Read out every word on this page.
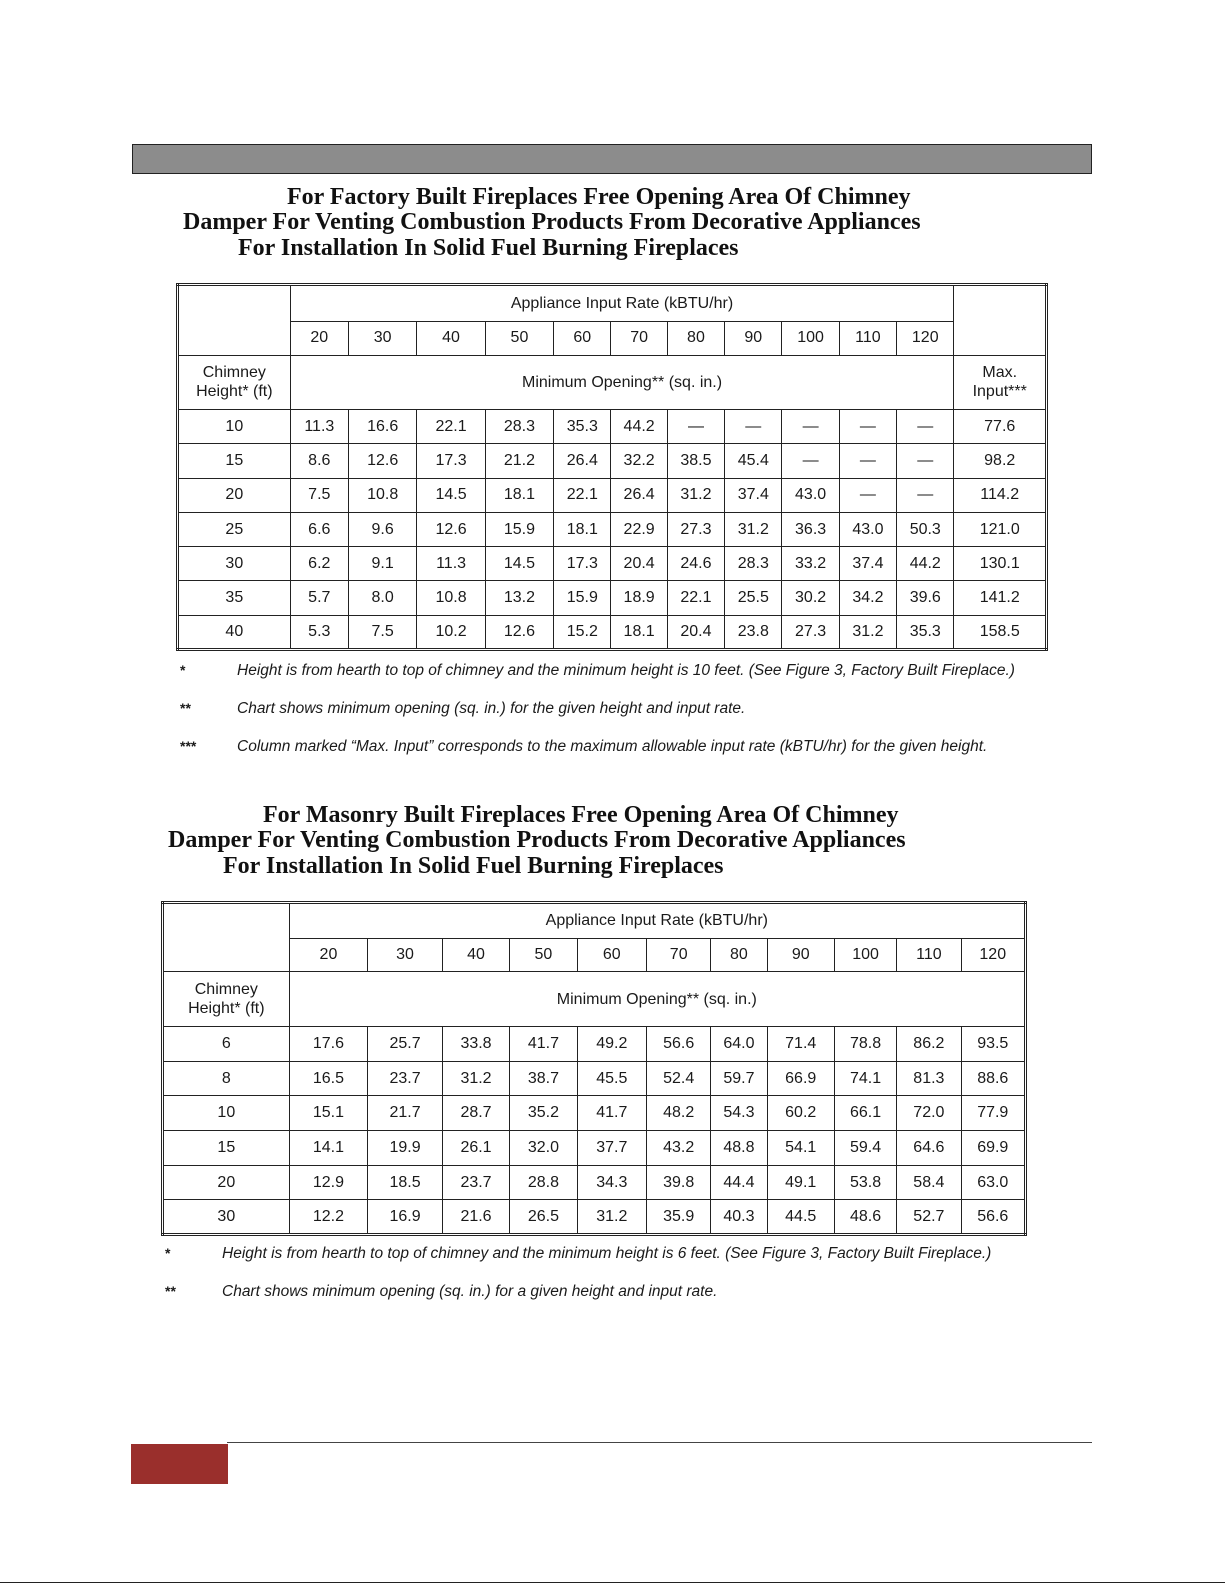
For Factory Built Fireplaces Free Opening Area Of Chimney
Damper For Venting Combustion Products From Decorative Appliances
For Installation In Solid Fuel Burning Fireplaces
	Appliance Input Rate (kBTU/hr)											
	20	30	40	50	60	70	80	90	100	110	120	
Chimney
Height* (ft)	Minimum Opening** (sq. in.)											Max.
Input***
10	11.3	16.6	22.1	28.3	35.3	44.2	—	—	—	—	—	77.6
15	8.6	12.6	17.3	21.2	26.4	32.2	38.5	45.4	—	—	—	98.2
20	7.5	10.8	14.5	18.1	22.1	26.4	31.2	37.4	43.0	—	—	114.2
25	6.6	9.6	12.6	15.9	18.1	22.9	27.3	31.2	36.3	43.0	50.3	121.0
30	6.2	9.1	11.3	14.5	17.3	20.4	24.6	28.3	33.2	37.4	44.2	130.1
35	5.7	8.0	10.8	13.2	15.9	18.9	22.1	25.5	30.2	34.2	39.6	141.2
40	5.3	7.5	10.2	12.6	15.2	18.1	20.4	23.8	27.3	31.2	35.3	158.5
*	Height is from hearth to top of chimney and the minimum height is 10 feet. (See Figure 3, Factory Built Fireplace.)
**	Chart shows minimum opening (sq. in.) for the given height and input rate.
***	Column marked “Max. Input” corresponds to the maximum allowable input rate (kBTU/hr) for the given height.
For Masonry Built Fireplaces Free Opening Area Of Chimney
Damper For Venting Combustion Products From Decorative Appliances
For Installation In Solid Fuel Burning Fireplaces
	Appliance Input Rate (kBTU/hr)										
	20	30	40	50	60	70	80	90	100	110	120
Chimney
Height* (ft)	Minimum Opening** (sq. in.)										
6	17.6	25.7	33.8	41.7	49.2	56.6	64.0	71.4	78.8	86.2	93.5
8	16.5	23.7	31.2	38.7	45.5	52.4	59.7	66.9	74.1	81.3	88.6
10	15.1	21.7	28.7	35.2	41.7	48.2	54.3	60.2	66.1	72.0	77.9
15	14.1	19.9	26.1	32.0	37.7	43.2	48.8	54.1	59.4	64.6	69.9
20	12.9	18.5	23.7	28.8	34.3	39.8	44.4	49.1	53.8	58.4	63.0
30	12.2	16.9	21.6	26.5	31.2	35.9	40.3	44.5	48.6	52.7	56.6
*	Height is from hearth to top of chimney and the minimum height is 6 feet. (See Figure 3, Factory Built Fireplace.)
**	Chart shows minimum opening (sq. in.) for a given height and input rate.
